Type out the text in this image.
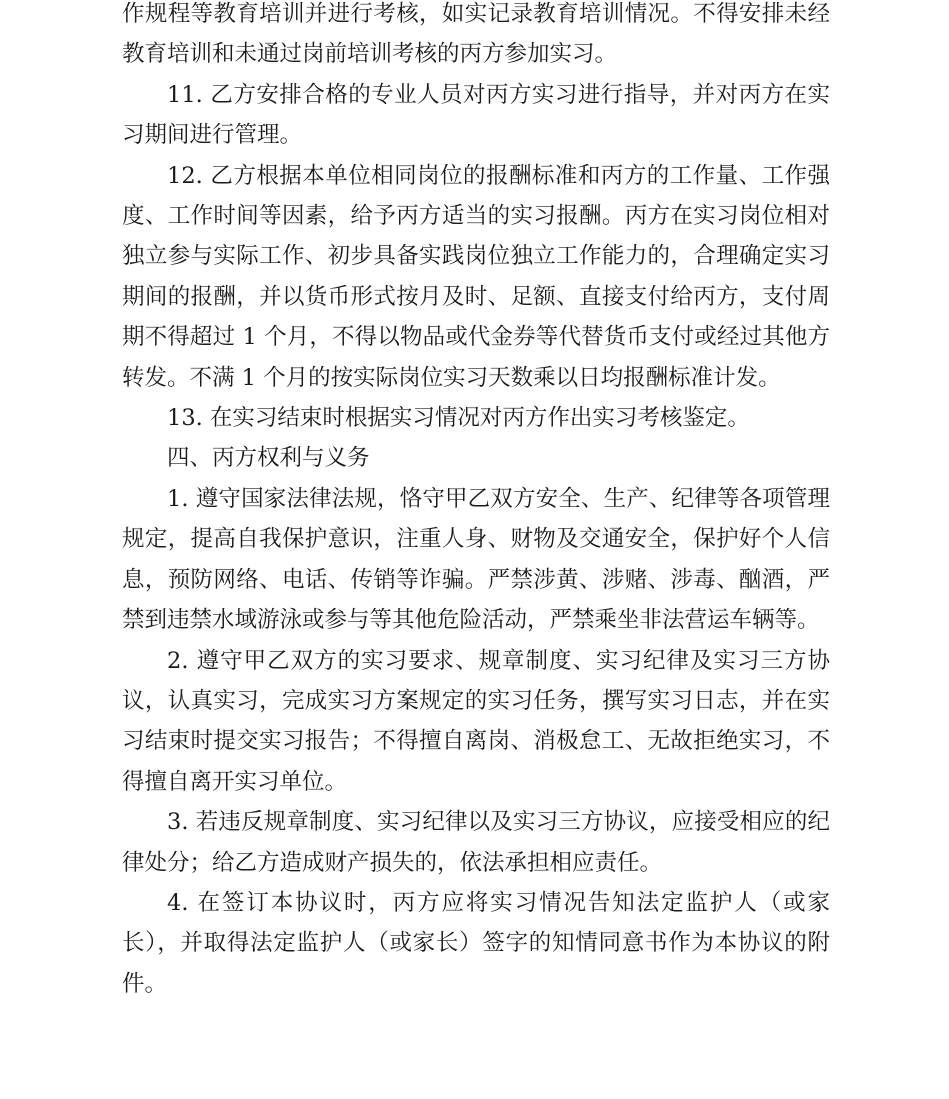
作规程等教育培训并进行考核，如实记录教育培训情况。不得安排未经教育培训和未通过岗前培训考核的丙方参加实习。

11. 乙方安排合格的专业人员对丙方实习进行指导，并对丙方在实习期间进行管理。

12. 乙方根据本单位相同岗位的报酬标准和丙方的工作量、工作强度、工作时间等因素，给予丙方适当的实习报酬。丙方在实习岗位相对独立参与实际工作、初步具备实践岗位独立工作能力的，合理确定实习期间的报酬，并以货币形式按月及时、足额、直接支付给丙方，支付周期不得超过 1 个月，不得以物品或代金券等代替货币支付或经过其他方转发。不满 1 个月的按实际岗位实习天数乘以日均报酬标准计发。

13. 在实习结束时根据实习情况对丙方作出实习考核鉴定。

四、丙方权利与义务

1. 遵守国家法律法规，恪守甲乙双方安全、生产、纪律等各项管理规定，提高自我保护意识，注重人身、财物及交通安全，保护好个人信息，预防网络、电话、传销等诈骗。严禁涉黄、涉赌、涉毒、酗酒，严禁到违禁水域游泳或参与等其他危险活动，严禁乘坐非法营运车辆等。

2. 遵守甲乙双方的实习要求、规章制度、实习纪律及实习三方协议，认真实习，完成实习方案规定的实习任务，撰写实习日志，并在实习结束时提交实习报告；不得擅自离岗、消极怠工、无故拒绝实习，不得擅自离开实习单位。

3. 若违反规章制度、实习纪律以及实习三方协议，应接受相应的纪律处分；给乙方造成财产损失的，依法承担相应责任。

4. 在签订本协议时，丙方应将实习情况告知法定监护人（或家长），并取得法定监护人（或家长）签字的知情同意书作为本协议的附件。
